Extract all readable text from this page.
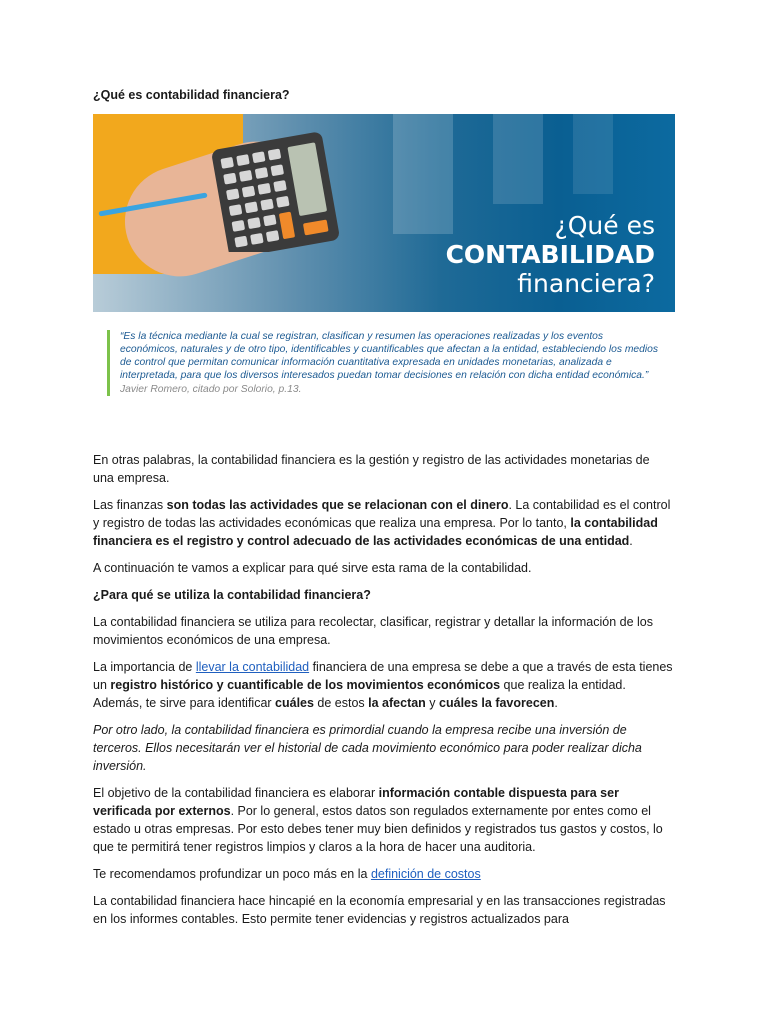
¿Qué es contabilidad financiera?
¿Qué es
CONTABILIDAD
financiera?
“Es la técnica mediante la cual se registran, clasifican y resumen las operaciones realizadas y los eventos económicos, naturales y de otro tipo, identificables y cuantificables que afectan a la entidad, estableciendo los medios de control que permitan comunicar información cuantitativa expresada en unidades monetarias, analizada e interpretada, para que los diversos interesados puedan tomar decisiones en relación con dicha entidad económica.”
Javier Romero, citado por Solorio, p.13.

En otras palabras, la contabilidad financiera es la gestión y registro de las actividades monetarias de una empresa.

Las finanzas son todas las actividades que se relacionan con el dinero. La contabilidad es el control y registro de todas las actividades económicas que realiza una empresa. Por lo tanto, la contabilidad financiera es el registro y control adecuado de las actividades económicas de una entidad.

A continuación te vamos a explicar para qué sirve esta rama de la contabilidad.

¿Para qué se utiliza la contabilidad financiera?

La contabilidad financiera se utiliza para recolectar, clasificar, registrar y detallar la información de los movimientos económicos de una empresa.

La importancia de llevar la contabilidad financiera de una empresa se debe a que a través de esta tienes un registro histórico y cuantificable de los movimientos económicos que realiza la entidad. Además, te sirve para identificar cuáles de estos la afectan y cuáles la favorecen.

Por otro lado, la contabilidad financiera es primordial cuando la empresa recibe una inversión de terceros. Ellos necesitarán ver el historial de cada movimiento económico para poder realizar dicha inversión.

El objetivo de la contabilidad financiera es elaborar información contable dispuesta para ser verificada por externos. Por lo general, estos datos son regulados externamente por entes como el estado u otras empresas. Por esto debes tener muy bien definidos y registrados tus gastos y costos, lo que te permitirá tener registros limpios y claros a la hora de hacer una auditoria.

Te recomendamos profundizar un poco más en la definición de costos

La contabilidad financiera hace hincapié en la economía empresarial y en las transacciones registradas en los informes contables. Esto permite tener evidencias y registros actualizados para
